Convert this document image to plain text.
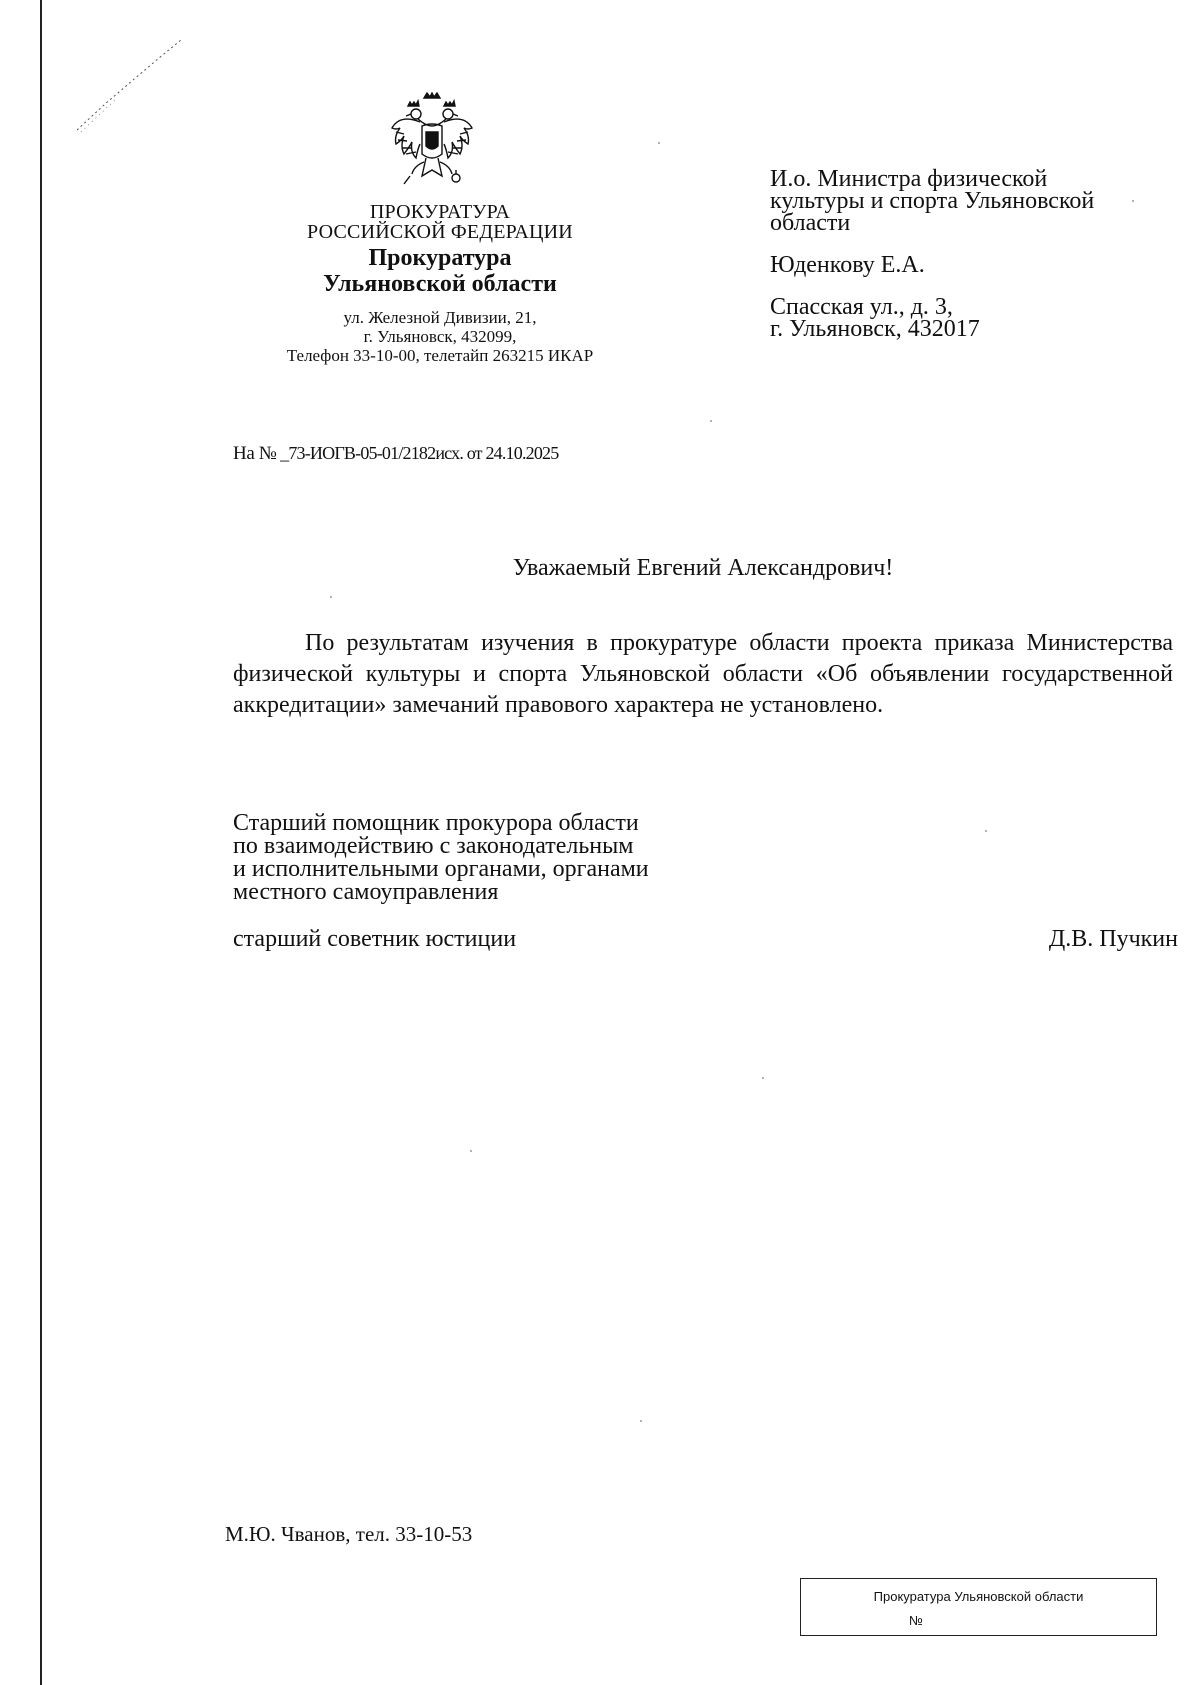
ПРОКУРАТУРА
РОССИЙСКОЙ ФЕДЕРАЦИИ
Прокуратура
Ульяновской области
ул. Железной Дивизии, 21,
г. Ульяновск, 432099,
Телефон 33-10-00, телетайп 263215 ИКАР
И.о. Министра физической
культуры и спорта Ульяновской
области
Юденкову Е.А.
Спасская ул., д. 3,
г. Ульяновск, 432017
На № _73-ИОГВ-05-01/2182исх. от 24.10.2025
Уважаемый Евгений Александрович!

По результатам изучения в прокуратуре области проекта приказа Министерства физической культуры и спорта Ульяновской области «Об объявлении государственной аккредитации» замечаний правового характера не установлено.

Старший помощник прокурора области
по взаимодействию с законодательным
и исполнительными органами, органами
местного самоуправления
старший советник юстиции	Д.В. Пучкин
М.Ю. Чванов, тел. 33-10-53
Прокуратура Ульяновской области
№
